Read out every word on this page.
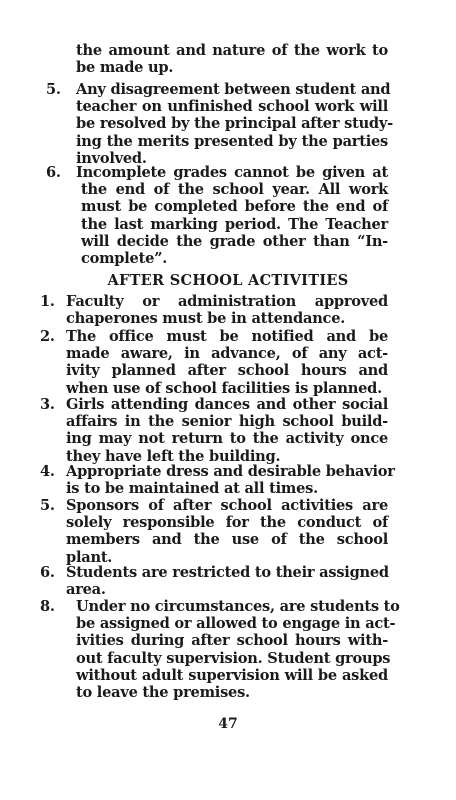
the amount and nature of the work to
be made up.
5.	Any disagreement between student and
teacher on unfinished school work will
be resolved by the principal after study-
ing the merits presented by the parties
involved.
6.	Incomplete grades cannot be given at
the end of the school year. All work
must be completed before the end of
the last marking period. The Teacher
will decide the grade other than “In-
complete”.
AFTER SCHOOL ACTIVITIES
1. Faculty or administration approved
chaperones must be in attendance.
2. The office must be notified and be
made aware, in advance, of any act-
ivity planned after school hours and
when use of school facilities is planned.
3. Girls attending dances and other social
affairs in the senior high school build-
ing may not return to the activity once
they have left the building.
4. Appropriate dress and desirable behavior
is to be maintained at all times.
5. Sponsors of after school activities are
solely responsible for the conduct of
members and the use of the school
plant.
6. Students are restricted to their assigned
area.
8.	Under no circumstances, are students to
be assigned or allowed to engage in act-
ivities during after school hours with-
out faculty supervision. Student groups
without adult supervision will be asked
to leave the premises.
47
